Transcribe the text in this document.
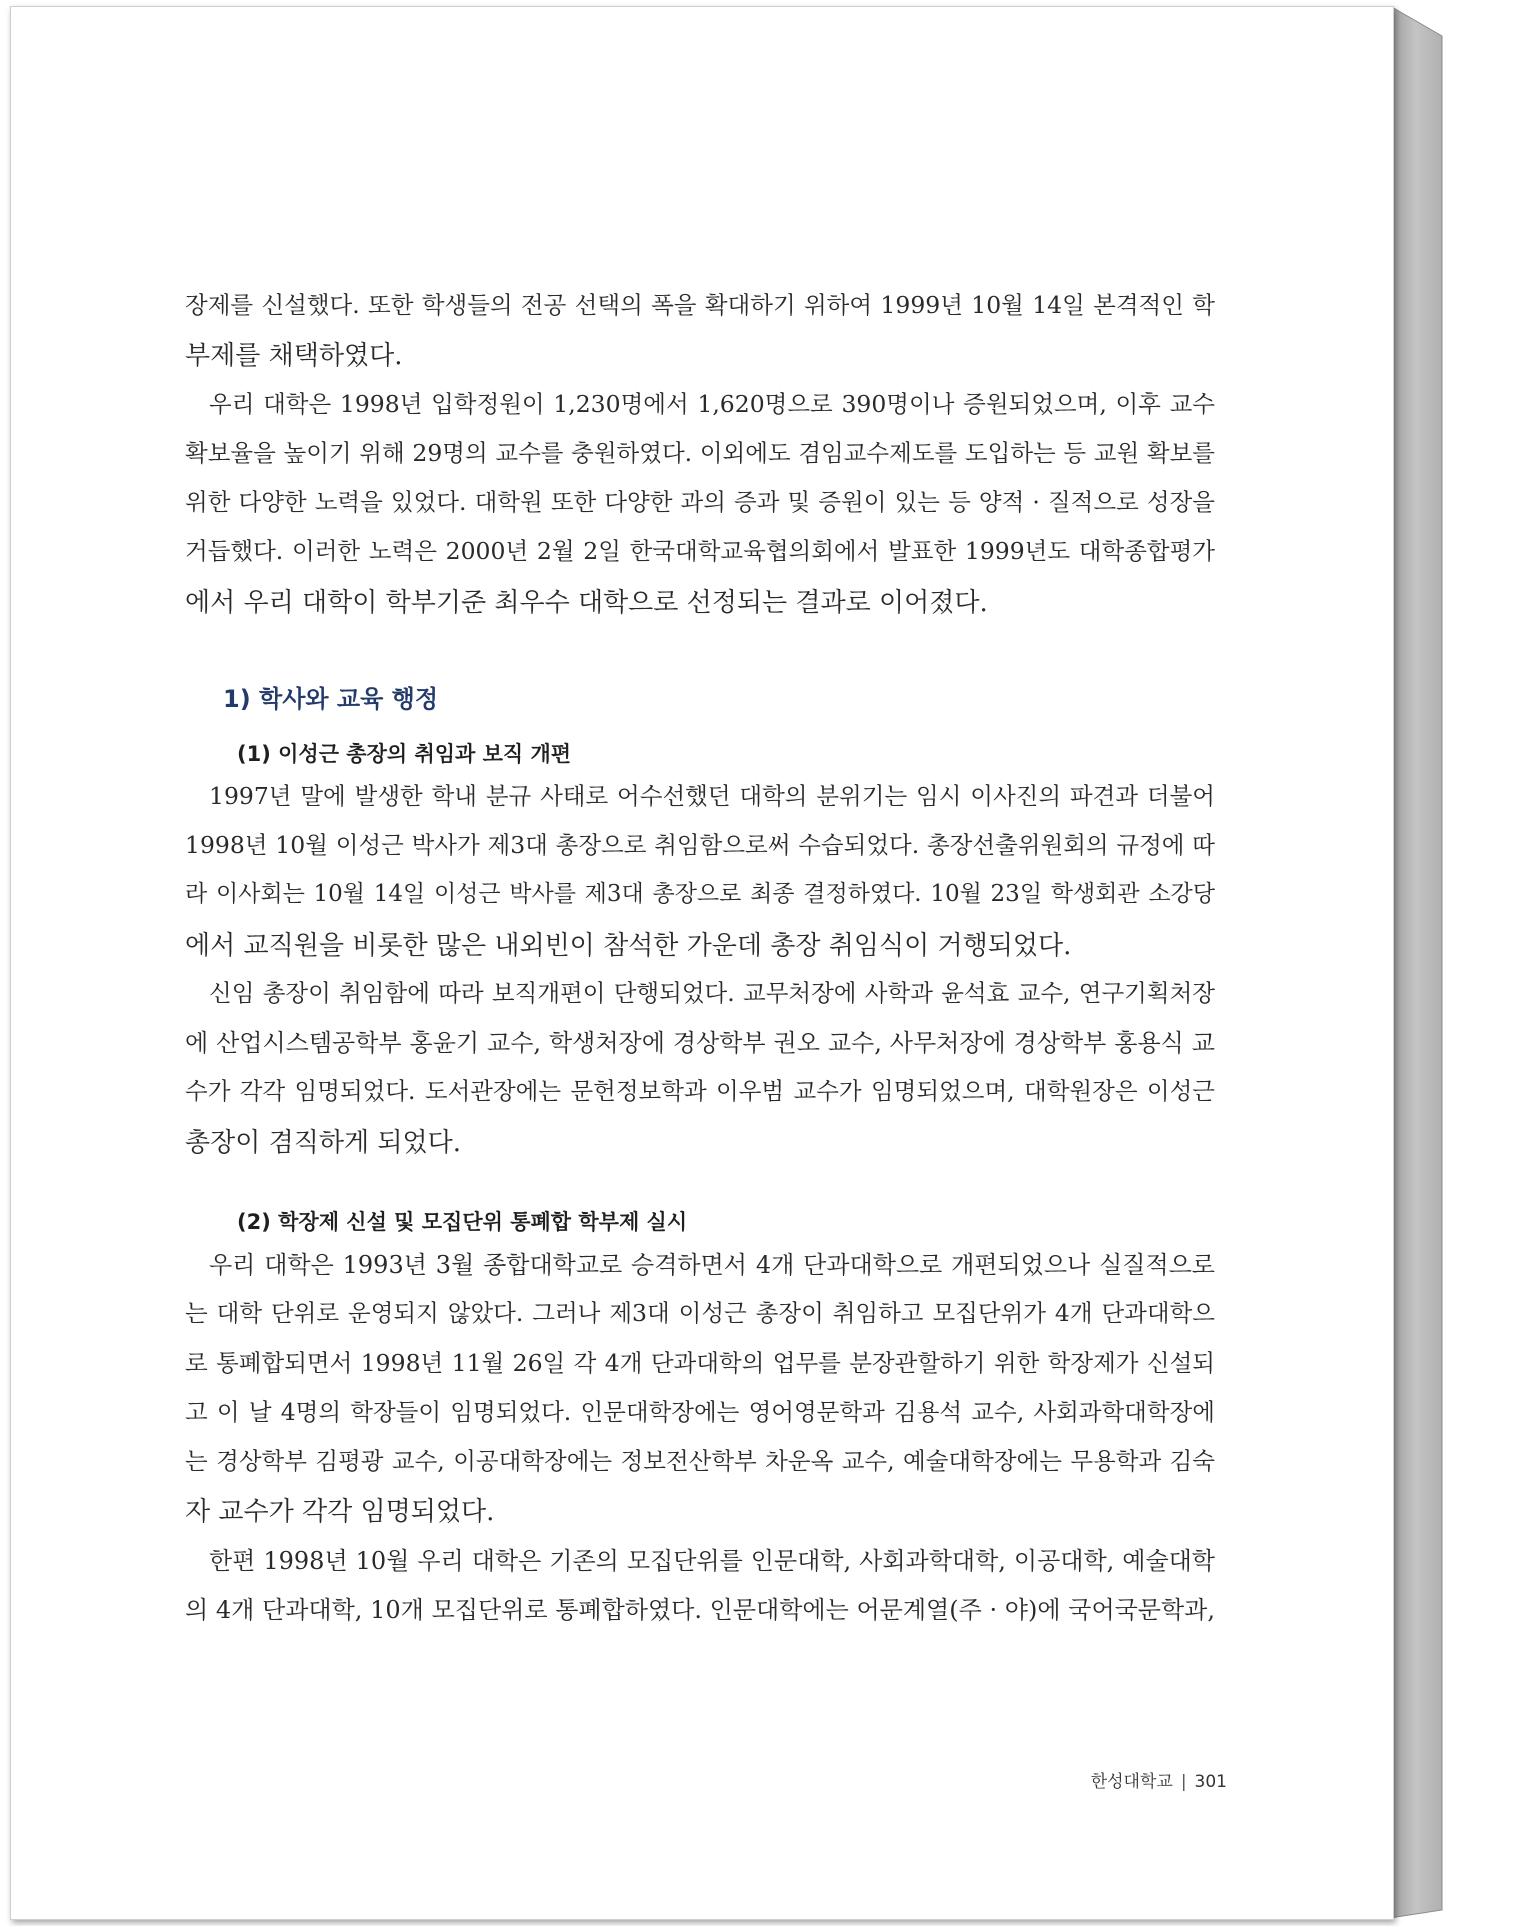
장제를 신설했다. 또한 학생들의 전공 선택의 폭을 확대하기 위하여 1999년 10월 14일 본격적인 학

부제를 채택하였다.

우리 대학은 1998년 입학정원이 1,230명에서 1,620명으로 390명이나 증원되었으며, 이후 교수

확보율을 높이기 위해 29명의 교수를 충원하였다. 이외에도 겸임교수제도를 도입하는 등 교원 확보를

위한 다양한 노력을 있었다. 대학원 또한 다양한 과의 증과 및 증원이 있는 등 양적 · 질적으로 성장을

거듭했다. 이러한 노력은 2000년 2월 2일 한국대학교육협의회에서 발표한 1999년도 대학종합평가

에서 우리 대학이 학부기준 최우수 대학으로 선정되는 결과로 이어졌다.

1) 학사와 교육 행정
(1) 이성근 총장의 취임과 보직 개편

1997년 말에 발생한 학내 분규 사태로 어수선했던 대학의 분위기는 임시 이사진의 파견과 더불어

1998년 10월 이성근 박사가 제3대 총장으로 취임함으로써 수습되었다. 총장선출위원회의 규정에 따

라 이사회는 10월 14일 이성근 박사를 제3대 총장으로 최종 결정하였다. 10월 23일 학생회관 소강당

에서 교직원을 비롯한 많은 내외빈이 참석한 가운데 총장 취임식이 거행되었다.

신임 총장이 취임함에 따라 보직개편이 단행되었다. 교무처장에 사학과 윤석효 교수, 연구기획처장

에 산업시스템공학부 홍윤기 교수, 학생처장에 경상학부 권오 교수, 사무처장에 경상학부 홍용식 교

수가 각각 임명되었다. 도서관장에는 문헌정보학과 이우범 교수가 임명되었으며, 대학원장은 이성근

총장이 겸직하게 되었다.

(2) 학장제 신설 및 모집단위 통폐합 학부제 실시

우리 대학은 1993년 3월 종합대학교로 승격하면서 4개 단과대학으로 개편되었으나 실질적으로

는 대학 단위로 운영되지 않았다. 그러나 제3대 이성근 총장이 취임하고 모집단위가 4개 단과대학으

로 통폐합되면서 1998년 11월 26일 각 4개 단과대학의 업무를 분장관할하기 위한 학장제가 신설되

고 이 날 4명의 학장들이 임명되었다. 인문대학장에는 영어영문학과 김용석 교수, 사회과학대학장에

는 경상학부 김평광 교수, 이공대학장에는 정보전산학부 차운옥 교수, 예술대학장에는 무용학과 김숙

자 교수가 각각 임명되었다.

한편 1998년 10월 우리 대학은 기존의 모집단위를 인문대학, 사회과학대학, 이공대학, 예술대학

의 4개 단과대학, 10개 모집단위로 통폐합하였다. 인문대학에는 어문계열(주 · 야)에 국어국문학과,

한성대학교 | 301
